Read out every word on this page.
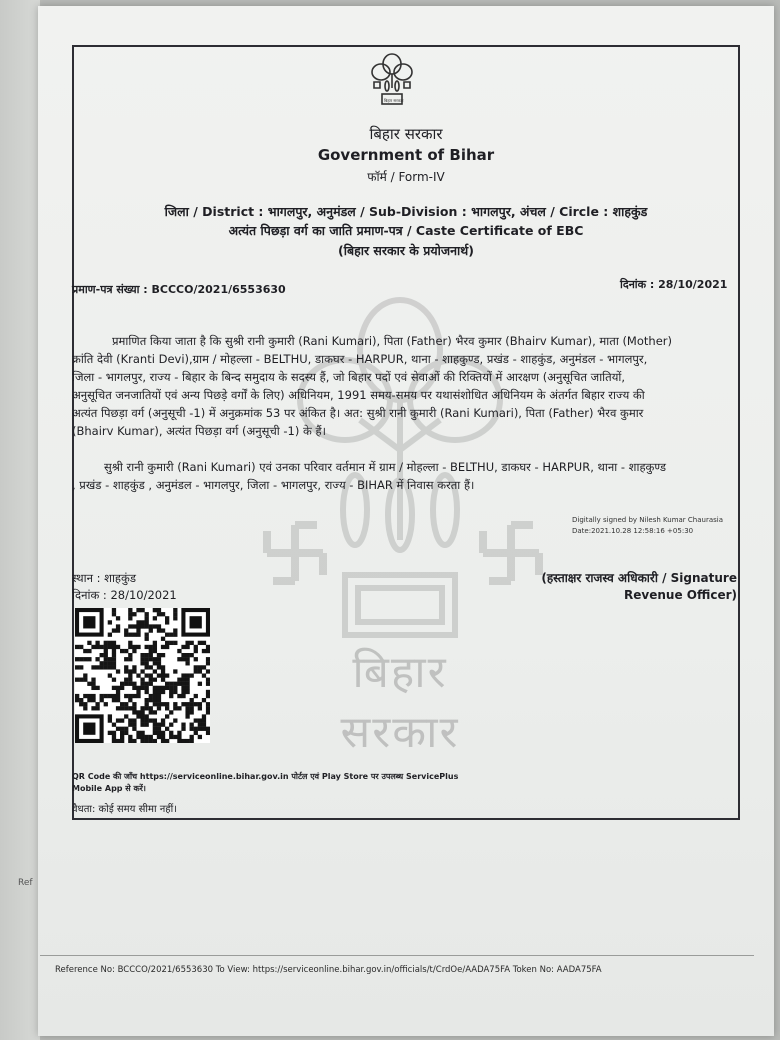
Ref
बिहार सरकार
बिहार सरकार
बिहार सरकार
Government of Bihar
फॉर्म / Form-IV
जिला / District : भागलपुर, अनुमंडल / Sub-Division : भागलपुर, अंचल / Circle : शाहकुंड
अत्यंत पिछड़ा वर्ग का जाति प्रमाण-पत्र / Caste Certificate of EBC
(बिहार सरकार के प्रयोजनार्थ)
प्रमाण-पत्र संख्या : BCCCO/2021/6553630	दिनांक : 28/10/2021
प्रमाणित किया जाता है कि सुश्री रानी कुमारी (Rani Kumari), पिता (Father) भैरव कुमार (Bhairv Kumar), माता (Mother)
क्रांति देवी (Kranti Devi),ग्राम / मोहल्ला - BELTHU, डाकघर - HARPUR, थाना - शाहकुण्ड, प्रखंड - शाहकुंड, अनुमंडल - भागलपुर,
जिला - भागलपुर, राज्य - बिहार के बिन्द समुदाय के सदस्य हैं, जो बिहार पदों एवं सेवाओं की रिक्तियों में आरक्षण (अनुसूचित जातियों,
अनुसूचित जनजातियों एवं अन्य पिछड़े वर्गों के लिए) अधिनियम, 1991 समय-समय पर यथासंशोधित अधिनियम के अंतर्गत बिहार राज्य की
अत्यंत पिछड़ा वर्ग (अनुसूची -1) में अनुक्रमांक 53 पर अंकित है। अत: सुश्री रानी कुमारी (Rani Kumari), पिता (Father) भैरव कुमार
(Bhairv Kumar), अत्यंत पिछड़ा वर्ग (अनुसूची -1) के हैं।
सुश्री रानी कुमारी (Rani Kumari) एवं उनका परिवार वर्तमान में ग्राम / मोहल्ला - BELTHU, डाकघर - HARPUR, थाना - शाहकुण्ड
, प्रखंड - शाहकुंड , अनुमंडल - भागलपुर, जिला - भागलपुर, राज्य - BIHAR में निवास करता हैं।
Digitally signed by Nilesh Kumar Chaurasia
Date:2021.10.28 12:58:16 +05:30
स्थान : शाहकुंड
दिनांक : 28/10/2021
(हस्ताक्षर राजस्व अधिकारी / Signature
Revenue Officer)
QR Code की जाँच https://serviceonline.bihar.gov.in पोर्टल एवं Play Store पर उपलब्ध ServicePlus
Mobile App से करें।
वैधता: कोई समय सीमा नहीं।
Reference No: BCCCO/2021/6553630 To View: https://serviceonline.bihar.gov.in/officials/t/CrdOe/AADA75FA Token No: AADA75FA
